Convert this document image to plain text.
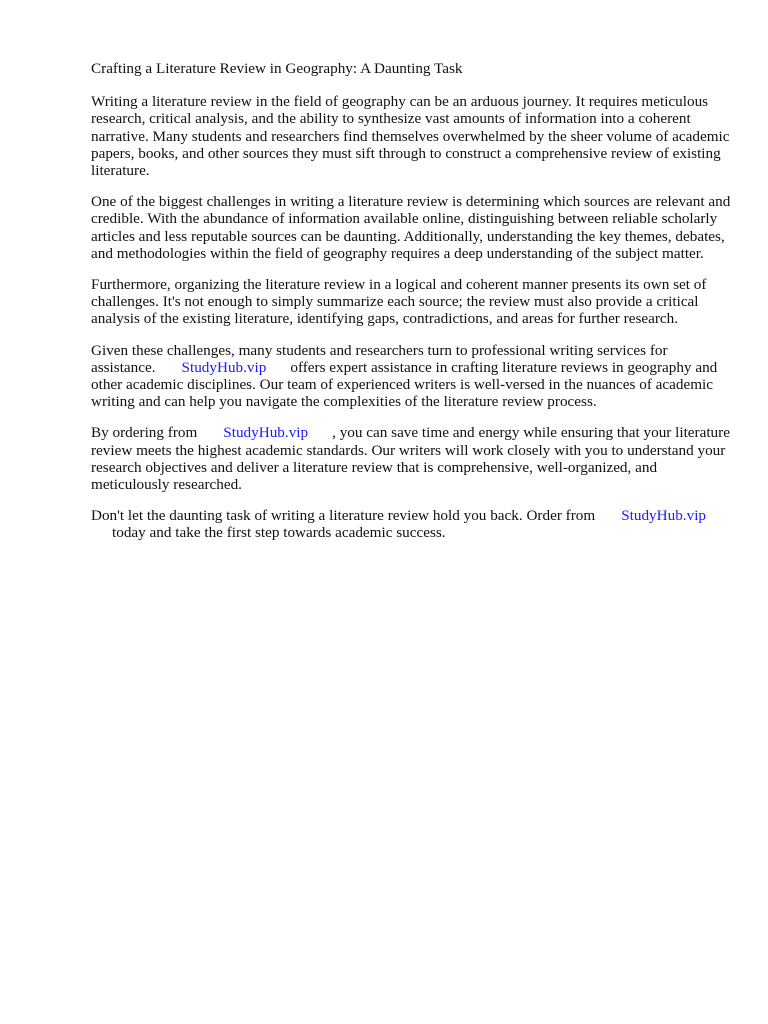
Crafting a Literature Review in Geography: A Daunting Task

Writing a literature review in the field of geography can be an arduous journey. It requires meticulous research, critical analysis, and the ability to synthesize vast amounts of information into a coherent narrative. Many students and researchers find themselves overwhelmed by the sheer volume of academic papers, books, and other sources they must sift through to construct a comprehensive review of existing literature.

One of the biggest challenges in writing a literature review is determining which sources are relevant and credible. With the abundance of information available online, distinguishing between reliable scholarly articles and less reputable sources can be daunting. Additionally, understanding the key themes, debates, and methodologies within the field of geography requires a deep understanding of the subject matter.

Furthermore, organizing the literature review in a logical and coherent manner presents its own set of challenges. It's not enough to simply summarize each source; the review must also provide a critical analysis of the existing literature, identifying gaps, contradictions, and areas for further research.

Given these challenges, many students and researchers turn to professional writing services for assistance. StudyHub.vip offers expert assistance in crafting literature reviews in geography and other academic disciplines. Our team of experienced writers is well-versed in the nuances of academic writing and can help you navigate the complexities of the literature review process.

By ordering from StudyHub.vip , you can save time and energy while ensuring that your literature review meets the highest academic standards. Our writers will work closely with you to understand your research objectives and deliver a literature review that is comprehensive, well-organized, and meticulously researched.

Don't let the daunting task of writing a literature review hold you back. Order from StudyHub.vip
today and take the first step towards academic success.
